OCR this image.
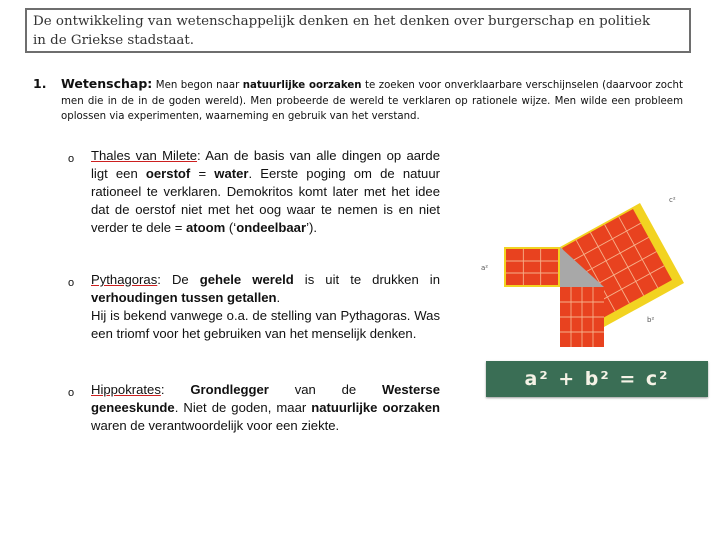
De ontwikkeling van wetenschappelijk denken en het denken over burgerschap en politiek
in de Griekse stadstaat.
1. Wetenschap: Men begon naar natuurlijke oorzaken te zoeken voor onverklaarbare verschijnselen (daarvoor zocht men die in de in de goden wereld). Men probeerde de wereld te verklaren op rationele wijze. Men wilde een probleem oplossen via experimenten, waarneming en gebruik van het verstand.
o Thales van Milete: Aan de basis van alle dingen op aarde ligt een oerstof = water. Eerste poging om de natuur rationeel te verklaren. Demokritos komt later met het idee dat de oerstof niet met het oog waar te nemen is en niet verder te dele = atoom (‘ondeelbaar’).
o Pythagoras: De gehele wereld is uit te drukken in verhoudingen tussen getallen.
Hij is bekend vanwege o.a. de stelling van Pythagoras. Was een triomf voor het gebruiken van het menselijk denken.
o Hippokrates: Grondlegger van de Westerse geneeskunde. Niet de goden, maar natuurlijke oorzaken waren de verantwoordelijk voor een ziekte.
a²
b²
c²
a² + b² = c²
